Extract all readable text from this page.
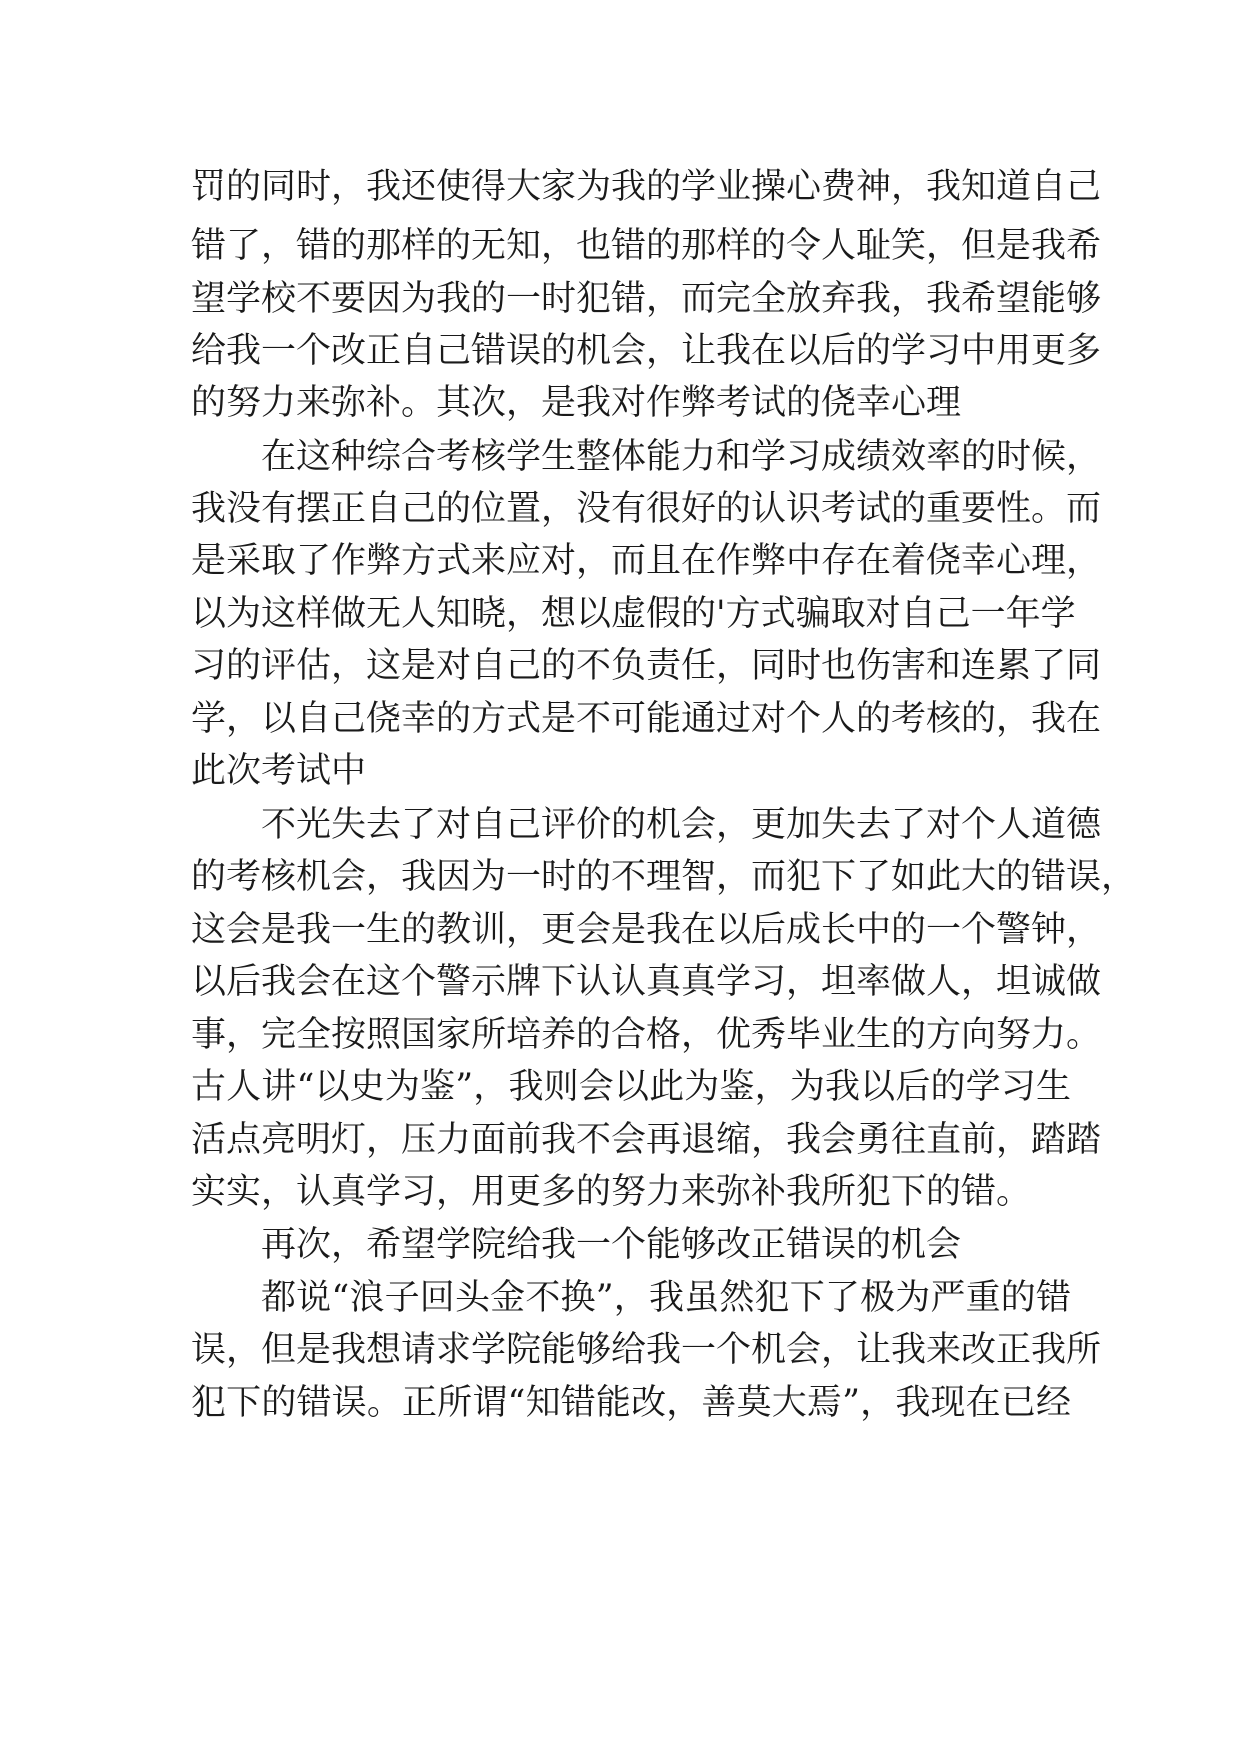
罚的同时，我还使得大家为我的学业操心费神，我知道自己
错了，错的那样的无知，也错的那样的令人耻笑，但是我希
望学校不要因为我的一时犯错，而完全放弃我，我希望能够
给我一个改正自己错误的机会，让我在以后的学习中用更多
的努力来弥补。其次，是我对作弊考试的侥幸心理
在这种综合考核学生整体能力和学习成绩效率的时候，
我没有摆正自己的位置，没有很好的认识考试的重要性。而
是采取了作弊方式来应对，而且在作弊中存在着侥幸心理，
以为这样做无人知晓，想以虚假的'方式骗取对自己一年学
习的评估，这是对自己的不负责任，同时也伤害和连累了同
学，以自己侥幸的方式是不可能通过对个人的考核的，我在
此次考试中
不光失去了对自己评价的机会，更加失去了对个人道德
的考核机会，我因为一时的不理智，而犯下了如此大的错误，
这会是我一生的教训，更会是我在以后成长中的一个警钟，
以后我会在这个警示牌下认认真真学习，坦率做人，坦诚做
事，完全按照国家所培养的合格，优秀毕业生的方向努力。
古人讲“以史为鉴”，我则会以此为鉴，为我以后的学习生
活点亮明灯，压力面前我不会再退缩，我会勇往直前，踏踏
实实，认真学习，用更多的努力来弥补我所犯下的错。
再次，希望学院给我一个能够改正错误的机会
都说“浪子回头金不换”，我虽然犯下了极为严重的错
误，但是我想请求学院能够给我一个机会，让我来改正我所
犯下的错误。正所谓“知错能改，善莫大焉”，我现在已经
